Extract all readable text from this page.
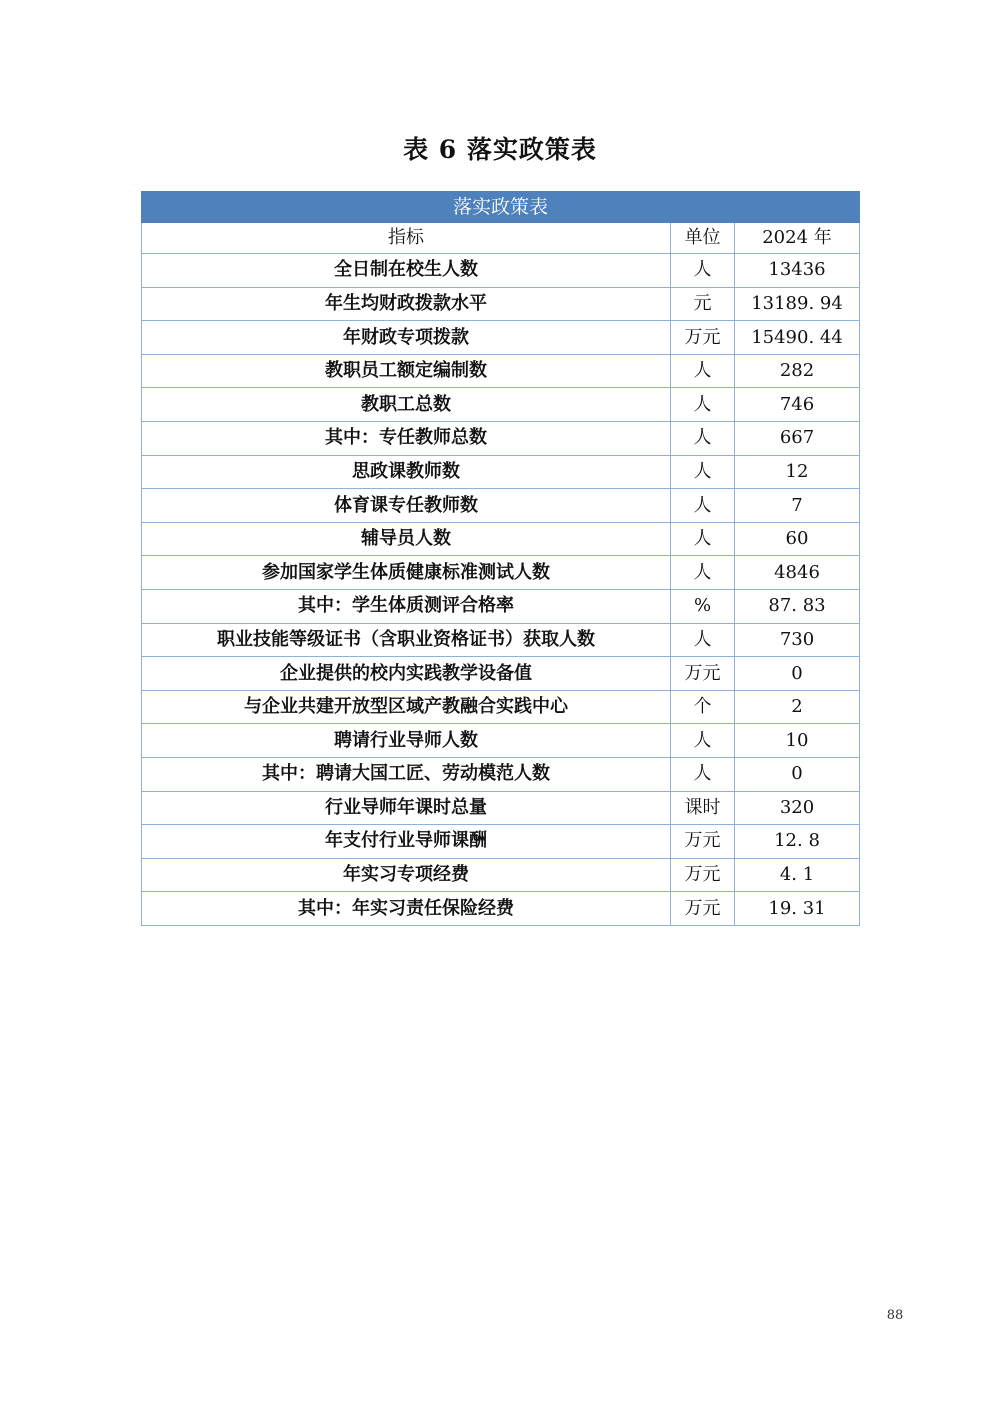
表 6 落实政策表
落实政策表		
指标	单位	2024 年
全日制在校生人数	人	13436
年生均财政拨款水平	元	13189. 94
年财政专项拨款	万元	15490. 44
教职员工额定编制数	人	282
教职工总数	人	746
其中：专任教师总数	人	667
思政课教师数	人	12
体育课专任教师数	人	7
辅导员人数	人	60
参加国家学生体质健康标准测试人数	人	4846
其中：学生体质测评合格率	%	87. 83
职业技能等级证书（含职业资格证书）获取人数	人	730
企业提供的校内实践教学设备值	万元	0
与企业共建开放型区域产教融合实践中心	个	2
聘请行业导师人数	人	10
其中：聘请大国工匠、劳动模范人数	人	0
行业导师年课时总量	课时	320
年支付行业导师课酬	万元	12. 8
年实习专项经费	万元	4. 1
其中：年实习责任保险经费	万元	19. 31
88
